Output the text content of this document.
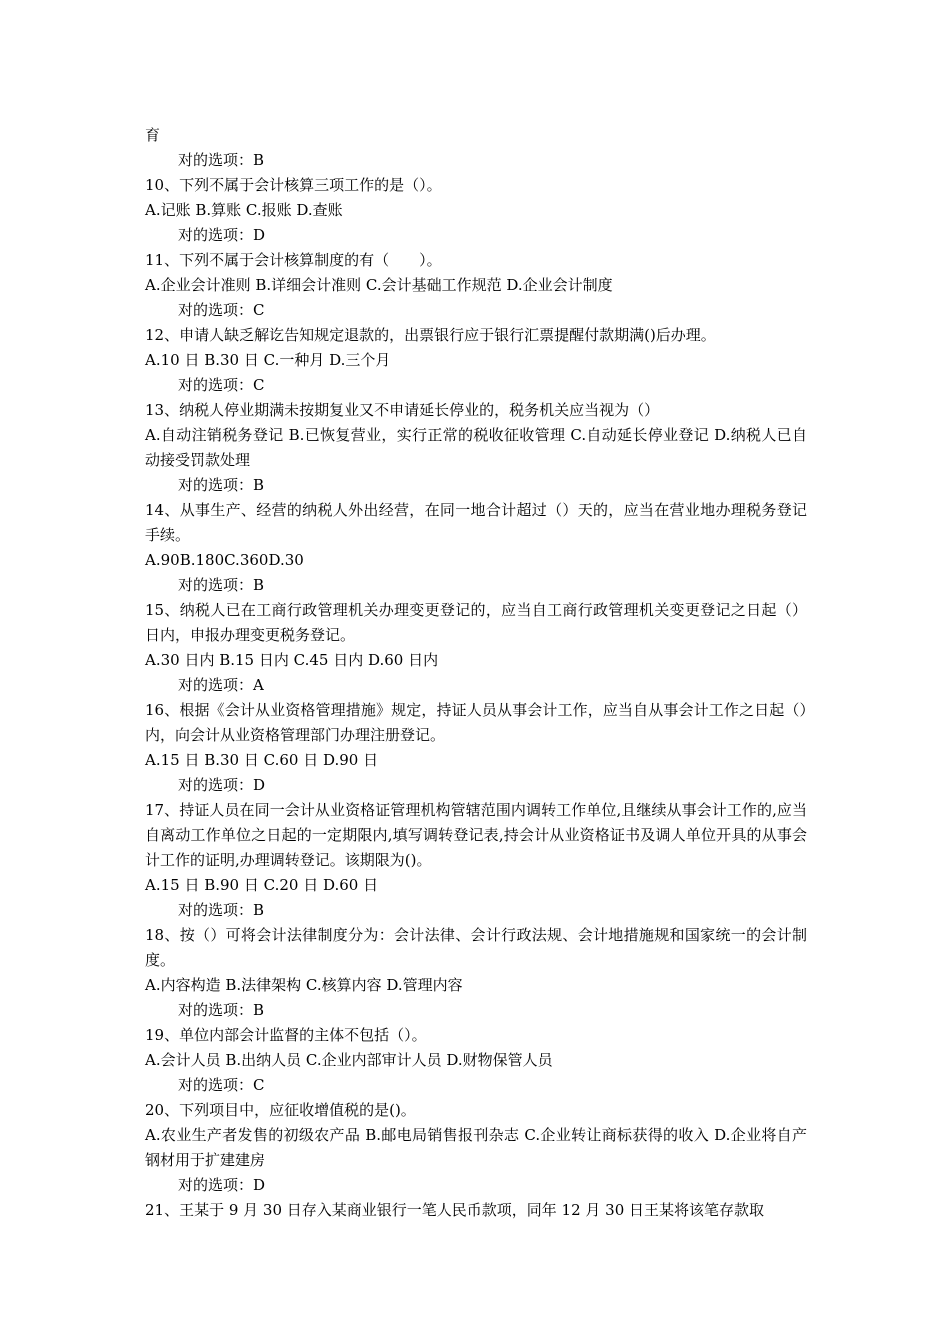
育
对的选项：B
10、下列不属于会计核算三项工作的是（）。
A.记账 B.算账 C.报账 D.查账
对的选项：D
11、下列不属于会计核算制度的有（　　）。
A.企业会计准则 B.详细会计准则 C.会计基础工作规范 D.企业会计制度
对的选项：C
12、申请人缺乏解讫告知规定退款的，出票银行应于银行汇票提醒付款期满()后办理。
A.10 日 B.30 日 C.一种月 D.三个月
对的选项：C
13、纳税人停业期满未按期复业又不申请延长停业的，税务机关应当视为（）
A.自动注销税务登记 B.已恢复营业，实行正常的税收征收管理 C.自动延长停业登记 D.纳税人已自动接受罚款处理
对的选项：B
14、从事生产、经营的纳税人外出经营，在同一地合计超过（）天的，应当在营业地办理税务登记手续。
A.90B.180C.360D.30
对的选项：B
15、纳税人已在工商行政管理机关办理变更登记的，应当自工商行政管理机关变更登记之日起（）日内，申报办理变更税务登记。
A.30 日内 B.15 日内 C.45 日内 D.60 日内
对的选项：A
16、根据《会计从业资格管理措施》规定，持证人员从事会计工作，应当自从事会计工作之日起（）内，向会计从业资格管理部门办理注册登记。
A.15 日 B.30 日 C.60 日 D.90 日
对的选项：D
17、持证人员在同一会计从业资格证管理机构管辖范围内调转工作单位,且继续从事会计工作的,应当自离动工作单位之日起的一定期限内,填写调转登记表,持会计从业资格证书及调人单位开具的从事会计工作的证明,办理调转登记。该期限为()。
A.15 日 B.90 日 C.20 日 D.60 日
对的选项：B
18、按（）可将会计法律制度分为：会计法律、会计行政法规、会计地措施规和国家统一的会计制度。
A.内容构造 B.法律架构 C.核算内容 D.管理内容
对的选项：B
19、单位内部会计监督的主体不包括（）。
A.会计人员 B.出纳人员 C.企业内部审计人员 D.财物保管人员
对的选项：C
20、下列项目中，应征收增值税的是()。
A.农业生产者发售的初级农产品 B.邮电局销售报刊杂志 C.企业转让商标获得的收入 D.企业将自产钢材用于扩建建房
对的选项：D
21、王某于 9 月 30 日存入某商业银行一笔人民币款项，同年 12 月 30 日王某将该笔存款取
